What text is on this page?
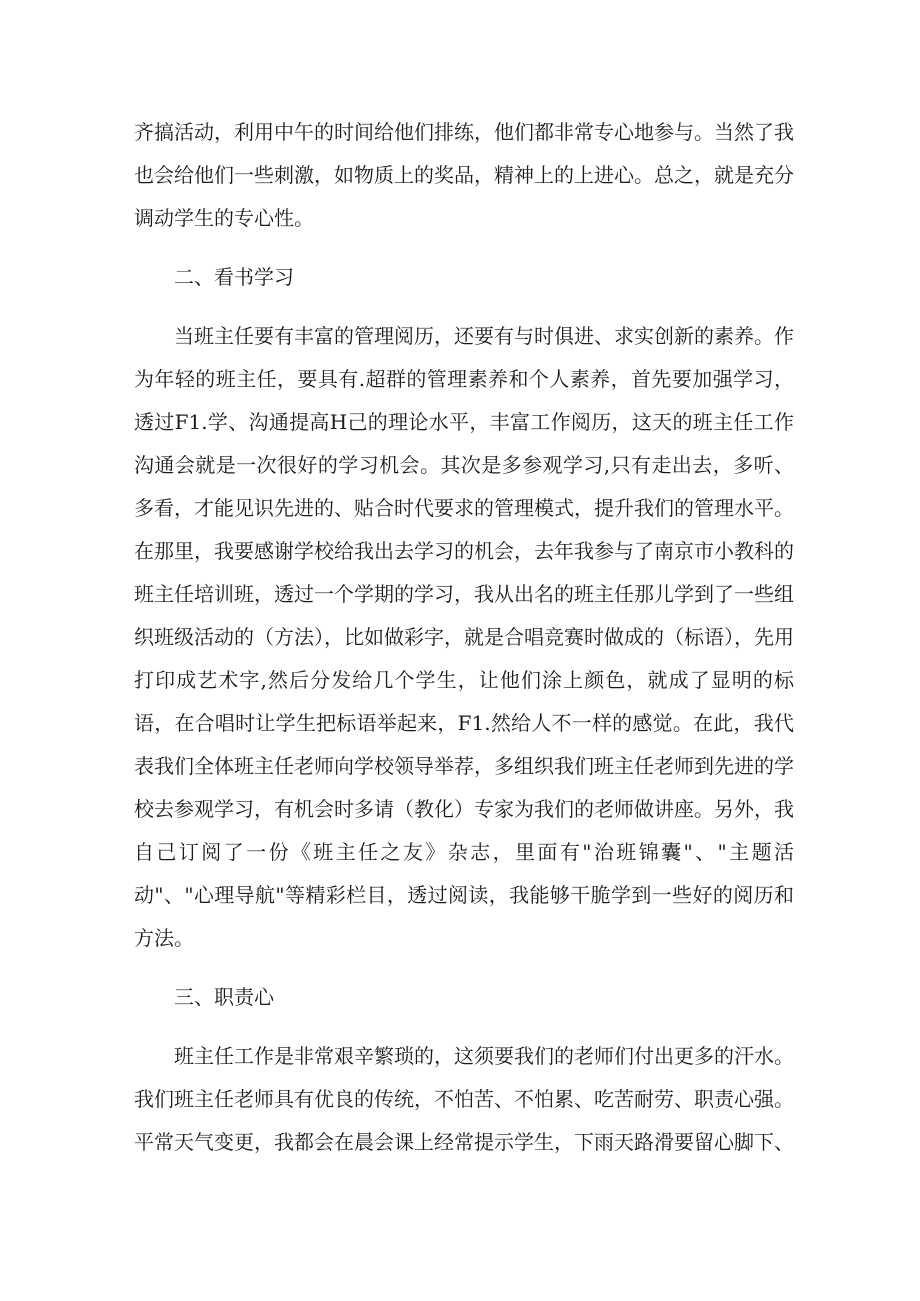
齐搞活动，利用中午的时间给他们排练，他们都非常专心地参与。当然了我也会给他们一些刺激，如物质上的奖品，精神上的上进心。总之，就是充分调动学生的专心性。

二、看书学习

当班主任要有丰富的管理阅历，还要有与时俱进、求实创新的素养。作为年轻的班主任，要具有.超群的管理素养和个人素养，首先要加强学习，透过F1.学、沟通提高H己的理论水平，丰富工作阅历，这天的班主任工作沟通会就是一次很好的学习机会。其次是多参观学习,只有走出去，多听、多看，才能见识先进的、贴合时代要求的管理模式，提升我们的管理水平。在那里，我要感谢学校给我出去学习的机会，去年我参与了南京市小教科的班主任培训班，透过一个学期的学习，我从出名的班主任那儿学到了一些组织班级活动的（方法），比如做彩字，就是合唱竞赛时做成的（标语），先用打印成艺术字,然后分发给几个学生，让他们涂上颜色，就成了显明的标语，在合唱时让学生把标语举起来，F1.然给人不一样的感觉。在此，我代表我们全体班主任老师向学校领导举荐，多组织我们班主任老师到先进的学校去参观学习，有机会时多请（教化）专家为我们的老师做讲座。另外，我自己订阅了一份《班主任之友》杂志，里面有"治班锦囊"、"主题活动"、"心理导航"等精彩栏目，透过阅读，我能够干脆学到一些好的阅历和方法。

三、职责心

班主任工作是非常艰辛繁琐的，这须要我们的老师们付出更多的汗水。我们班主任老师具有优良的传统，不怕苦、不怕累、吃苦耐劳、职责心强。平常天气变更，我都会在晨会课上经常提示学生，下雨天路滑要留心脚下、
